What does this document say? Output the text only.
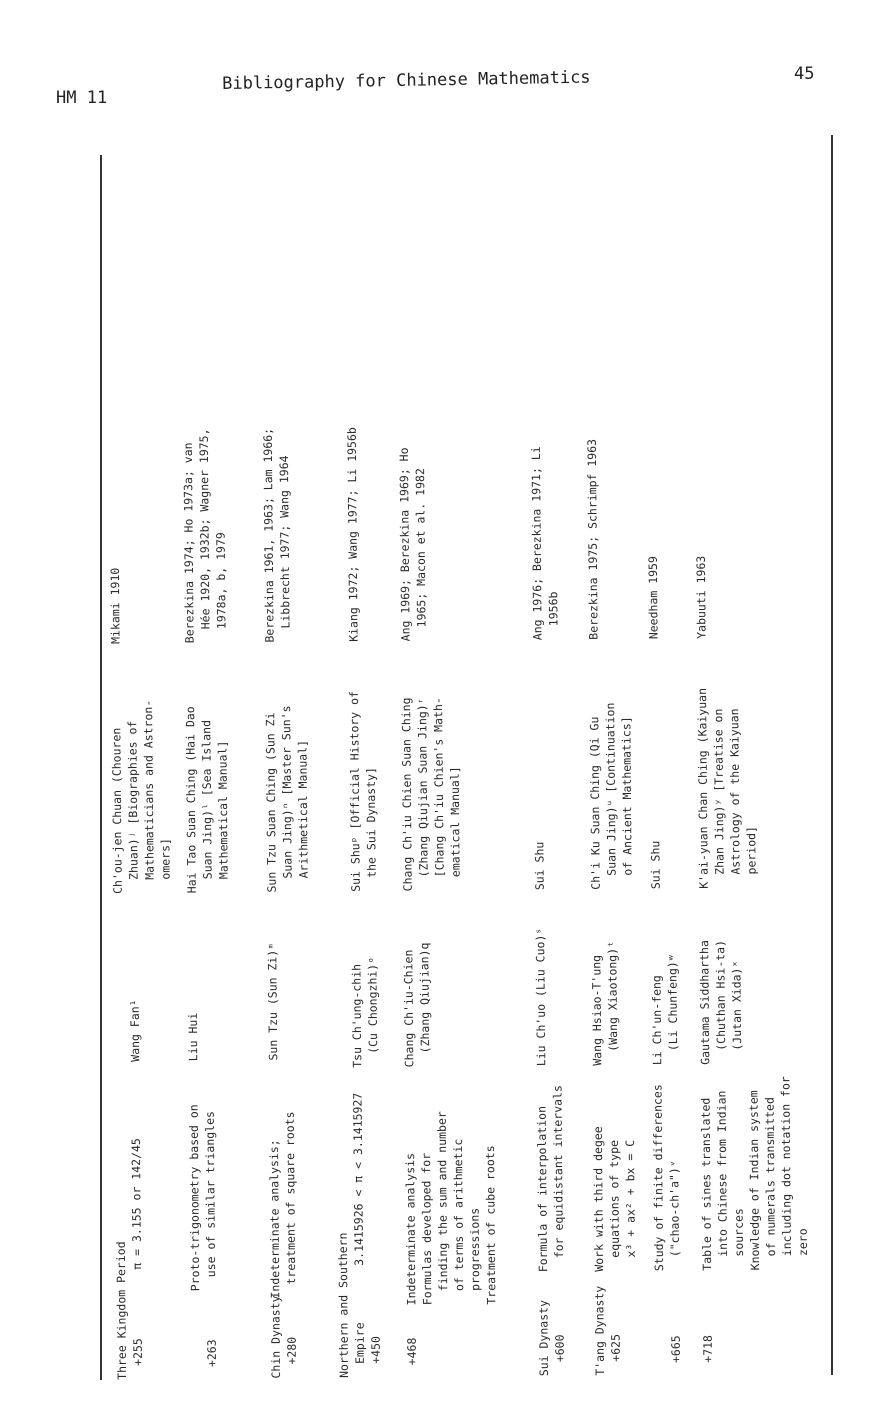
HM 11
Bibliography for Chinese Mathematics	45
Three Kingdom Period +255
π = 3.155 or 142/45
Wang Fan¹
Ch'ou-jen Chuan (Chouren Zhuan)ʲ [Biographies of Mathematicians and Astron- omers]
Mikami 1910
+263
Proto-trigonometry based on use of similar triangles
Liu Hui
Hai Tao Suan Ching (Hai Dao Suan Jing)ˡ [Sea Island Mathematical Manual]
Berezkina 1974; Ho 1973a; van Hée 1920, 1932b; Wagner 1975, 1978a, b, 1979
Chin Dynasty +280
Indeterminate analysis; treatment of square roots
Sun Tzu (Sun Zi)ᵐ
Sun Tzu Suan Ching (Sun Zi Suan Jing)ⁿ [Master Sun's Arithmetical Manual]
Berezkina 1961, 1963; Lam 1966; Libbrecht 1977; Wang 1964
Northern and Southern Empire +450
3.1415926 < π < 3.1415927
Tsu Ch'ung-chih (Cu Chongzhi)ᵒ
Sui Shuᵖ [Official History of the Sui Dynasty]
Kiang 1972; Wang 1977; Li 1956b
+468
Indeterminate analysis Formulas developed for finding the sum and number of terms of arithmetic progressions Treatment of cube roots
Chang Ch'iu-Chien (Zhang Qiujian)q
Chang Ch'iu Chien Suan Ching (Zhang Qiujian Suan Jing)ʳ [Chang Ch'iu Chien's Math- ematical Manual]
Ang 1969; Berezkina 1969; Ho 1965; Macon et al. 1982
Sui Dynasty +600
Formula of interpolation for equidistant intervals
Liu Ch'uo (Liu Cuo)ˢ
Sui Shu
Ang 1976; Berezkina 1971; Li 1956b
T'ang Dynasty +625
Work with third degee equations of type x³ + ax² + bx = C
Wang Hsiao-T'ung (Wang Xiaotong)ᵗ
Ch'i Ku Suan Ching (Qi Gu Suan Jing)ᵘ [Continuation of Ancient Mathematics]
Berezkina 1975; Schrimpf 1963
+665
Study of finite differences ("chao-ch'a")ᵛ
Li Ch'un-feng (Li Chunfeng)ʷ
Sui Shu
Needham 1959
+718
Table of sines translated into Chinese from Indian sources Knowledge of Indian system of numerals transmitted including dot notation for zero
Gautama Siddhartha (Chuthan Hsi-ta) (Jutan Xida)ˣ
K'ai-yuan Chan Ching (Kaiyuan Zhan Jing)ʸ [Treatise on Astrology of the Kaiyuan period]
Yabuuti 1963
